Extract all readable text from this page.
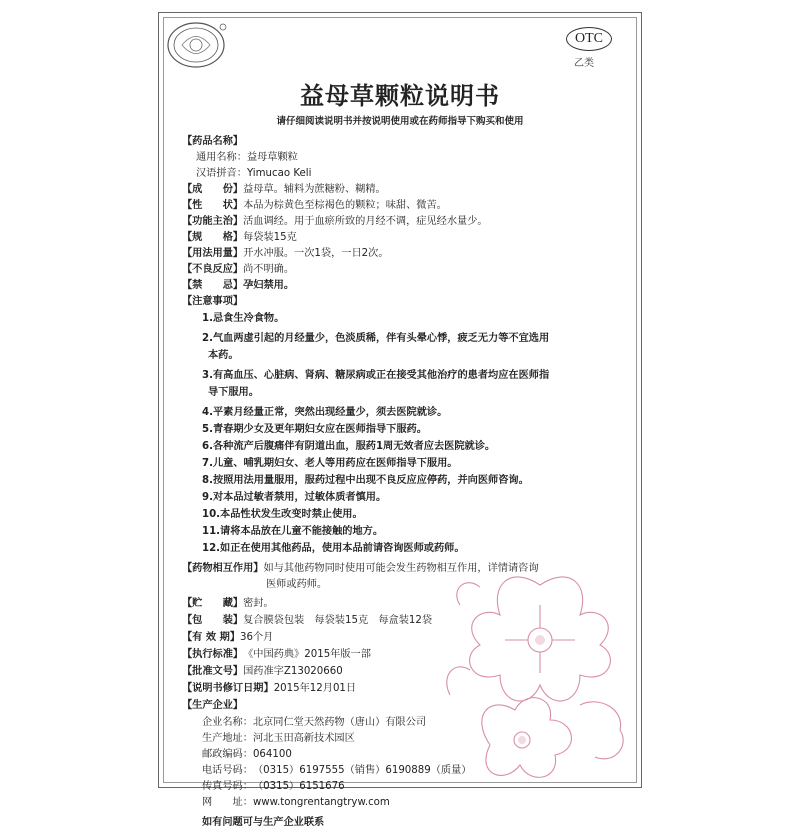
OTC
乙类
益母草颗粒说明书
请仔细阅读说明书并按说明使用或在药师指导下购买和使用
【药品名称】
通用名称：益母草颗粒
汉语拼音：Yimucao Keli
【成　　份】益母草。辅料为蔗糖粉、糊精。
【性　　状】本品为棕黄色至棕褐色的颗粒；味甜、微苦。
【功能主治】活血调经。用于血瘀所致的月经不调，症见经水量少。
【规　　格】每袋装15克
【用法用量】开水冲服。一次1袋，一日2次。
【不良反应】尚不明确。
【禁　　忌】孕妇禁用。
【注意事项】
1.忌食生冷食物。
2.气血两虚引起的月经量少，色淡质稀，伴有头晕心悸，疲乏无力等不宜选用
本药。
3.有高血压、心脏病、肾病、糖尿病或正在接受其他治疗的患者均应在医师指
导下服用。
4.平素月经量正常，突然出现经量少，须去医院就诊。
5.青春期少女及更年期妇女应在医师指导下服药。
6.各种流产后腹痛伴有阴道出血，服药1周无效者应去医院就诊。
7.儿童、哺乳期妇女、老人等用药应在医师指导下服用。
8.按照用法用量服用，服药过程中出现不良反应应停药，并向医师咨询。
9.对本品过敏者禁用，过敏体质者慎用。
10.本品性状发生改变时禁止使用。
11.请将本品放在儿童不能接触的地方。
12.如正在使用其他药品，使用本品前请咨询医师或药师。
【药物相互作用】如与其他药物同时使用可能会发生药物相互作用，详情请咨询
医师或药师。
【贮　　藏】密封。
【包　　装】复合膜袋包装　每袋装15克　每盒装12袋
【有 效 期】36个月
【执行标准】《中国药典》2015年版一部
【批准文号】国药准字Z13020660
【说明书修订日期】2015年12月01日
【生产企业】
企业名称：北京同仁堂天然药物（唐山）有限公司
生产地址：河北玉田高新技术园区
邮政编码：064100
电话号码：（0315）6197555（销售）6190889（质量）
传真号码：（0315）6151676
网　　址：www.tongrentangtryw.com
如有问题可与生产企业联系
